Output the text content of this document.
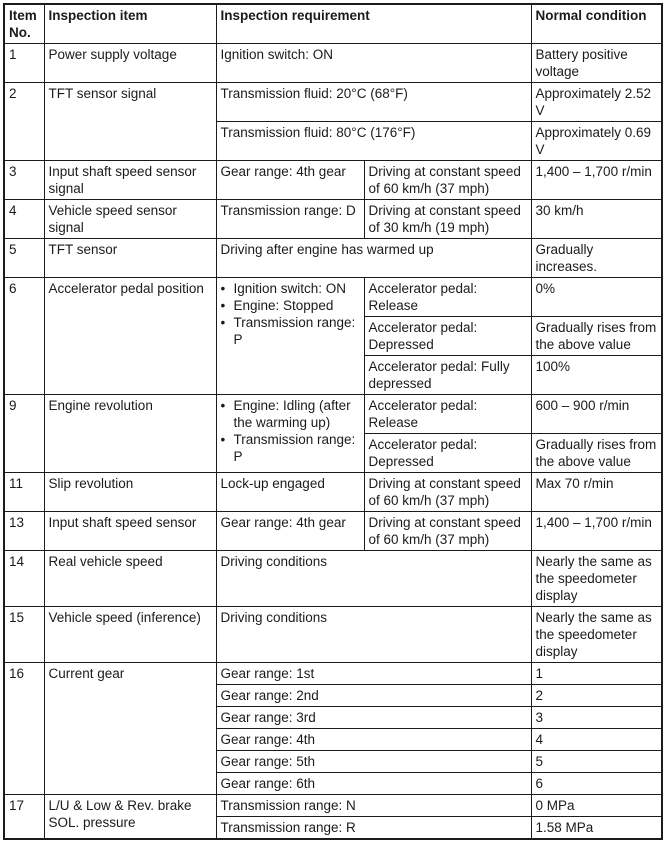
Item No.	Inspection item	Inspection requirement		Normal condition
1	Power supply voltage	Ignition switch: ON		Battery positive voltage
2	TFT sensor signal	Transmission fluid: 20°C (68°F)		Approximately 2.52 V
		Transmission fluid: 80°C (176°F)		Approximately 0.69 V
3	Input shaft speed sensor signal	Gear range: 4th gear	Driving at constant speed of 60 km/h (37 mph)	1,400 – 1,700 r/min
4	Vehicle speed sensor signal	Transmission range: D	Driving at constant speed of 30 km/h (19 mph)	30 km/h
5	TFT sensor	Driving after engine has warmed up		Gradually increases.
6	Accelerator pedal position	• Ignition switch: ON
• Engine: Stopped
• Transmission range: P	Accelerator pedal: Release	0%
			Accelerator pedal: Depressed	Gradually rises from the above value
			Accelerator pedal: Fully depressed	100%
9	Engine revolution	• Engine: Idling (after the warming up)
• Transmission range: P	Accelerator pedal: Release	600 – 900 r/min
			Accelerator pedal: Depressed	Gradually rises from the above value
11	Slip revolution	Lock-up engaged	Driving at constant speed of 60 km/h (37 mph)	Max 70 r/min
13	Input shaft speed sensor	Gear range: 4th gear	Driving at constant speed of 60 km/h (37 mph)	1,400 – 1,700 r/min
14	Real vehicle speed	Driving conditions		Nearly the same as the speedometer display
15	Vehicle speed (inference)	Driving conditions		Nearly the same as the speedometer display
16	Current gear	Gear range: 1st		1
		Gear range: 2nd		2
		Gear range: 3rd		3
		Gear range: 4th		4
		Gear range: 5th		5
		Gear range: 6th		6
17	L/U & Low & Rev. brake SOL. pressure	Transmission range: N		0 MPa
		Transmission range: R		1.58 MPa
